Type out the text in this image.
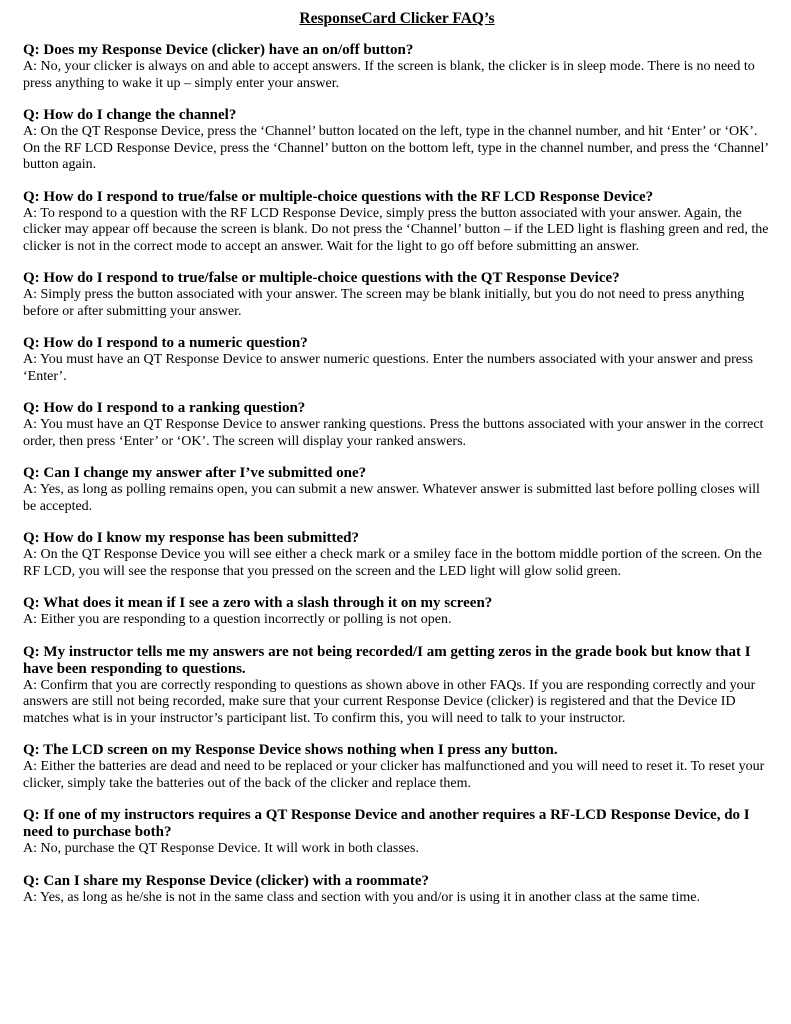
ResponseCard Clicker FAQ’s

Q: Does my Response Device (clicker) have an on/off button?

A: No, your clicker is always on and able to accept answers. If the screen is blank, the clicker is in sleep mode. There is no need to press anything to wake it up – simply enter your answer.

Q: How do I change the channel?

A: On the QT Response Device, press the ‘Channel’ button located on the left, type in the channel number, and hit ‘Enter’ or ‘OK’. On the RF LCD Response Device, press the ‘Channel’ button on the bottom left, type in the channel number, and press the ‘Channel’ button again.

Q: How do I respond to true/false or multiple-choice questions with the RF LCD Response Device?

A: To respond to a question with the RF LCD Response Device, simply press the button associated with your answer. Again, the clicker may appear off because the screen is blank. Do not press the ‘Channel’ button – if the LED light is flashing green and red, the clicker is not in the correct mode to accept an answer. Wait for the light to go off before submitting an answer.

Q: How do I respond to true/false or multiple-choice questions with the QT Response Device?

A: Simply press the button associated with your answer. The screen may be blank initially, but you do not need to press anything before or after submitting your answer.

Q: How do I respond to a numeric question?

A: You must have an QT Response Device to answer numeric questions. Enter the numbers associated with your answer and press ‘Enter’.

Q: How do I respond to a ranking question?

A: You must have an QT Response Device to answer ranking questions. Press the buttons associated with your answer in the correct order, then press ‘Enter’ or ‘OK’. The screen will display your ranked answers.

Q: Can I change my answer after I’ve submitted one?

A: Yes, as long as polling remains open, you can submit a new answer. Whatever answer is submitted last before polling closes will be accepted.

Q: How do I know my response has been submitted?

A: On the QT Response Device you will see either a check mark or a smiley face in the bottom middle portion of the screen. On the RF LCD, you will see the response that you pressed on the screen and the LED light will glow solid green.

Q: What does it mean if I see a zero with a slash through it on my screen?

A: Either you are responding to a question incorrectly or polling is not open.

Q: My instructor tells me my answers are not being recorded/I am getting zeros in the grade book but know that I have been responding to questions.

A: Confirm that you are correctly responding to questions as shown above in other FAQs. If you are responding correctly and your answers are still not being recorded, make sure that your current Response Device (clicker) is registered and that the Device ID matches what is in your instructor’s participant list. To confirm this, you will need to talk to your instructor.

Q: The LCD screen on my Response Device shows nothing when I press any button.

A: Either the batteries are dead and need to be replaced or your clicker has malfunctioned and you will need to reset it. To reset your clicker, simply take the batteries out of the back of the clicker and replace them.

Q: If one of my instructors requires a QT Response Device and another requires a RF-LCD Response Device, do I need to purchase both?

A: No, purchase the QT Response Device. It will work in both classes.

Q: Can I share my Response Device (clicker) with a roommate?

A: Yes, as long as he/she is not in the same class and section with you and/or is using it in another class at the same time.
